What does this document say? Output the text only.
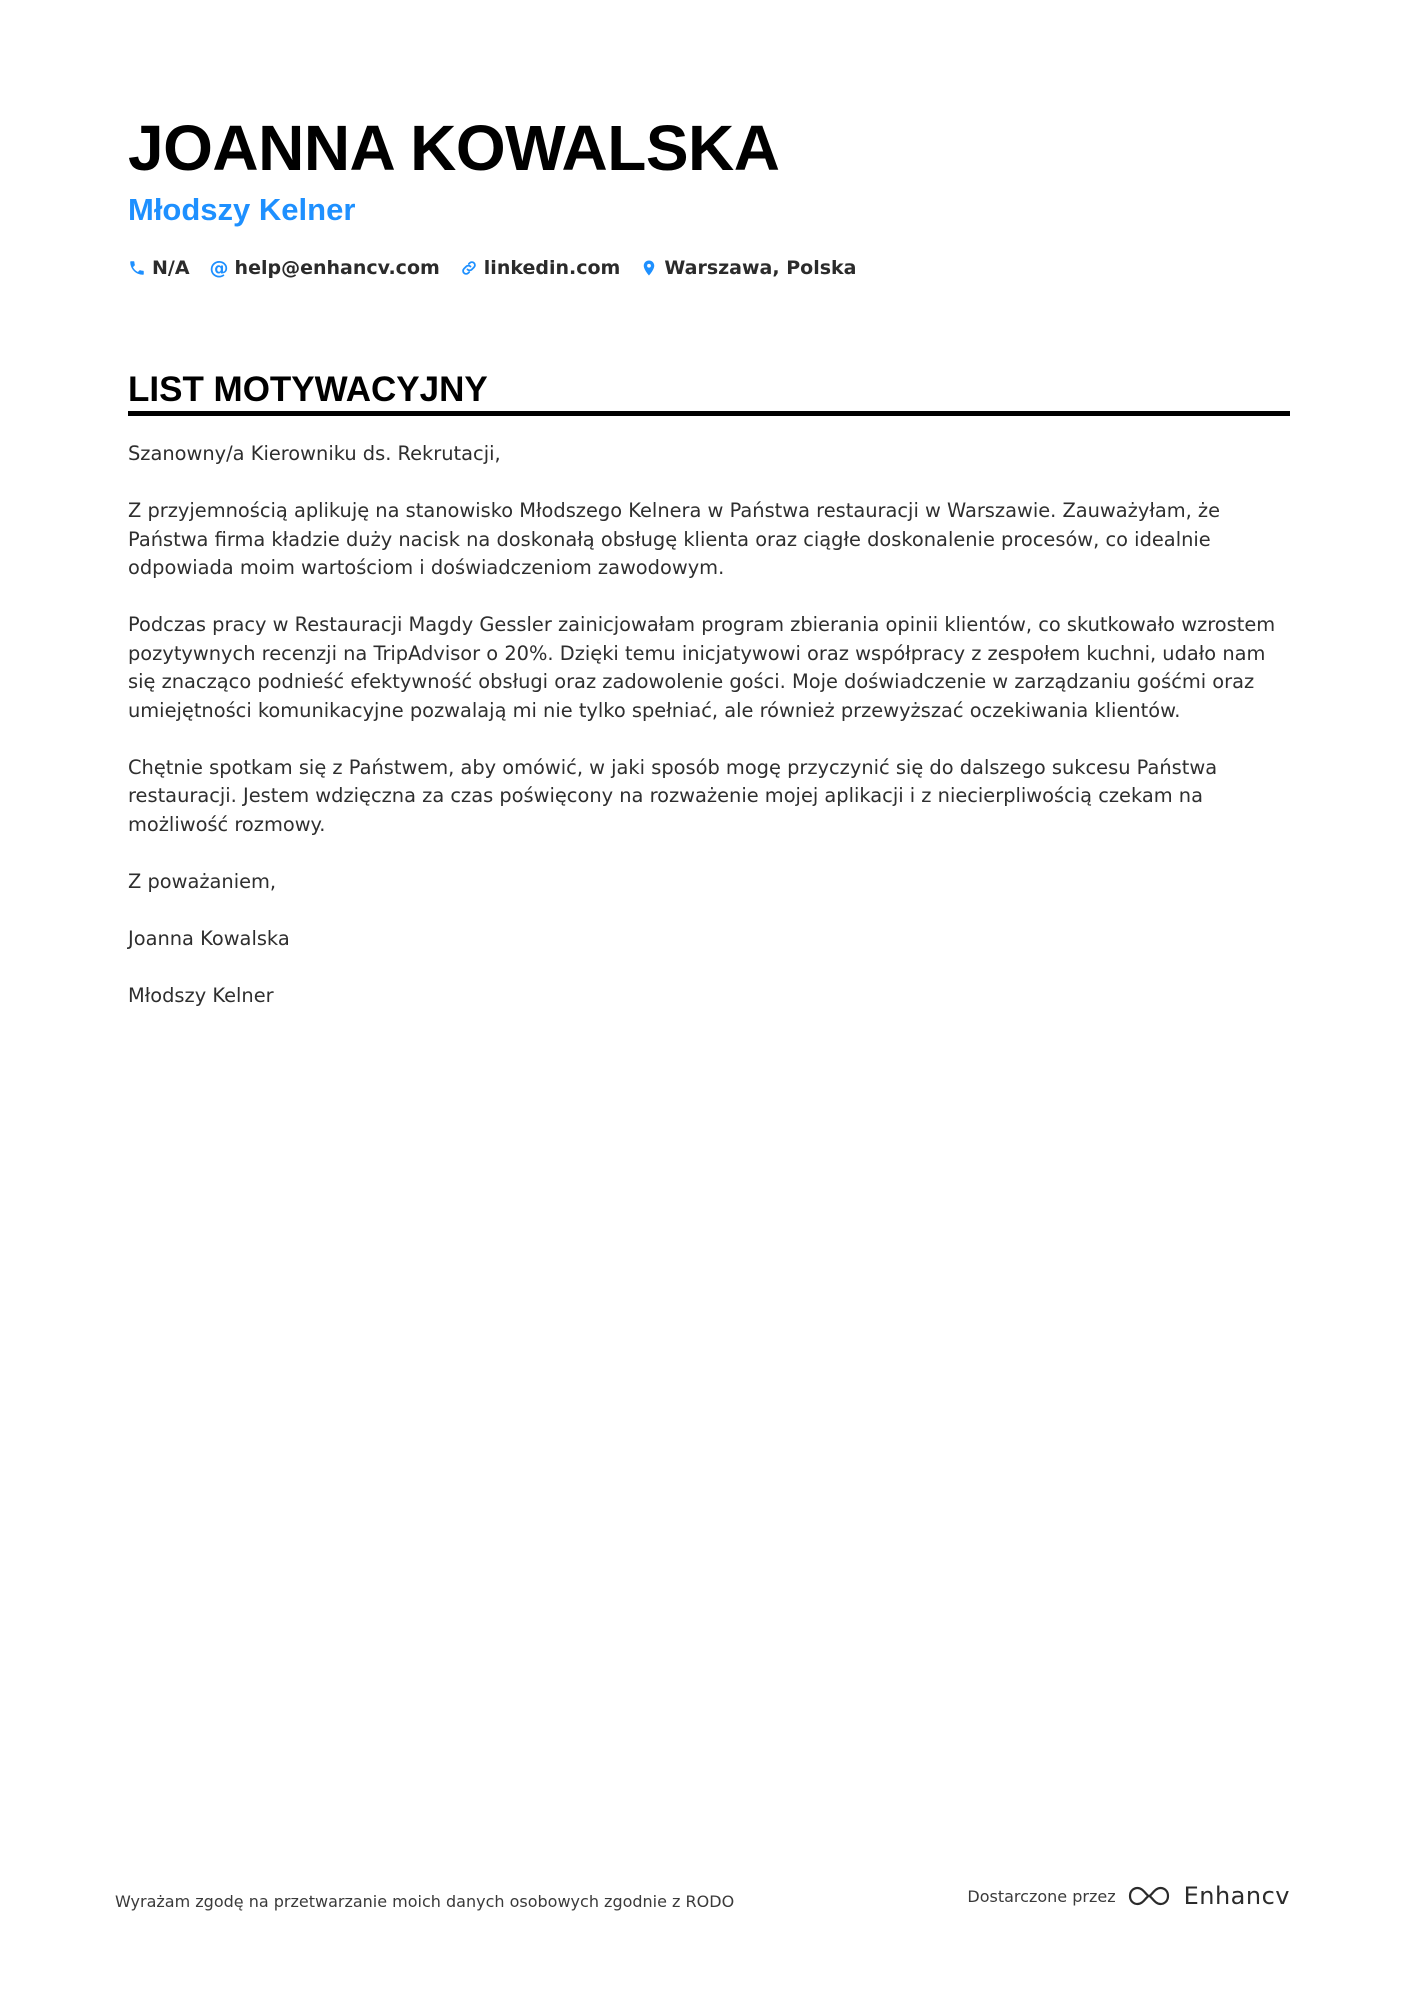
JOANNA KOWALSKA
Młodszy Kelner
N/A @ help@enhancv.com linkedin.com Warszawa, Polska
LIST MOTYWACYJNY

Szanowny/a Kierowniku ds. Rekrutacji,

Z przyjemnością aplikuję na stanowisko Młodszego Kelnera w Państwa restauracji w Warszawie. Zauważyłam, że Państwa firma kładzie duży nacisk na doskonałą obsługę klienta oraz ciągłe doskonalenie procesów, co idealnie odpowiada moim wartościom i doświadczeniom zawodowym.

Podczas pracy w Restauracji Magdy Gessler zainicjowałam program zbierania opinii klientów, co skutkowało wzrostem pozytywnych recenzji na TripAdvisor o 20%. Dzięki temu inicjatywowi oraz współpracy z zespołem kuchni, udało nam się znacząco podnieść efektywność obsługi oraz zadowolenie gości. Moje doświadczenie w zarządzaniu gośćmi oraz umiejętności komunikacyjne pozwalają mi nie tylko spełniać, ale również przewyższać oczekiwania klientów.

Chętnie spotkam się z Państwem, aby omówić, w jaki sposób mogę przyczynić się do dalszego sukcesu Państwa restauracji. Jestem wdzięczna za czas poświęcony na rozważenie mojej aplikacji i z niecierpliwością czekam na możliwość rozmowy.

Z poważaniem,

Joanna Kowalska

Młodszy Kelner

Wyrażam zgodę na przetwarzanie moich danych osobowych zgodnie z RODO	Dostarczone przez	Enhancv
